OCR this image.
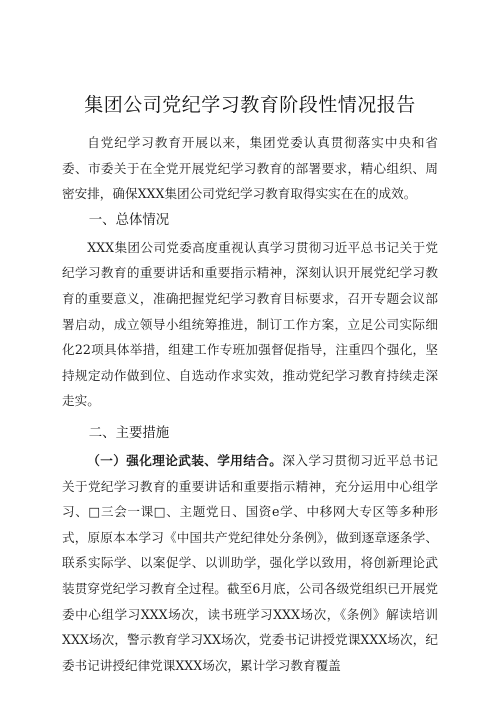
集团公司党纪学习教育阶段性情况报告

自党纪学习教育开展以来，集团党委认真贯彻落实中央和省委、市委关于在全党开展党纪学习教育的部署要求，精心组织、周密安排，确保XXX集团公司党纪学习教育取得实实在在的成效。

一、总体情况

XXX集团公司党委高度重视认真学习贯彻习近平总书记关于党纪学习教育的重要讲话和重要指示精神，深刻认识开展党纪学习教育的重要意义，准确把握党纪学习教育目标要求，召开专题会议部署启动，成立领导小组统筹推进，制订工作方案，立足公司实际细化22项具体举措，组建工作专班加强督促指导，注重四个强化，坚持规定动作做到位、自选动作求实效，推动党纪学习教育持续走深走实。

二、主要措施

（一）强化理论武装、学用结合。深入学习贯彻习近平总书记关于党纪学习教育的重要讲话和重要指示精神，充分运用中心组学习、□三会一课□、主题党日、国资e学、中移网大专区等多种形式，原原本本学习《中国共产党纪律处分条例》，做到逐章逐条学、联系实际学、以案促学、以训助学，强化学以致用，将创新理论武装贯穿党纪学习教育全过程。截至6月底，公司各级党组织已开展党委中心组学习XXX场次，读书班学习XXX场次，《条例》解读培训XXX场次，警示教育学习XX场次，党委书记讲授党课XXX场次，纪委书记讲授纪律党课XXX场次，累计学习教育覆盖
